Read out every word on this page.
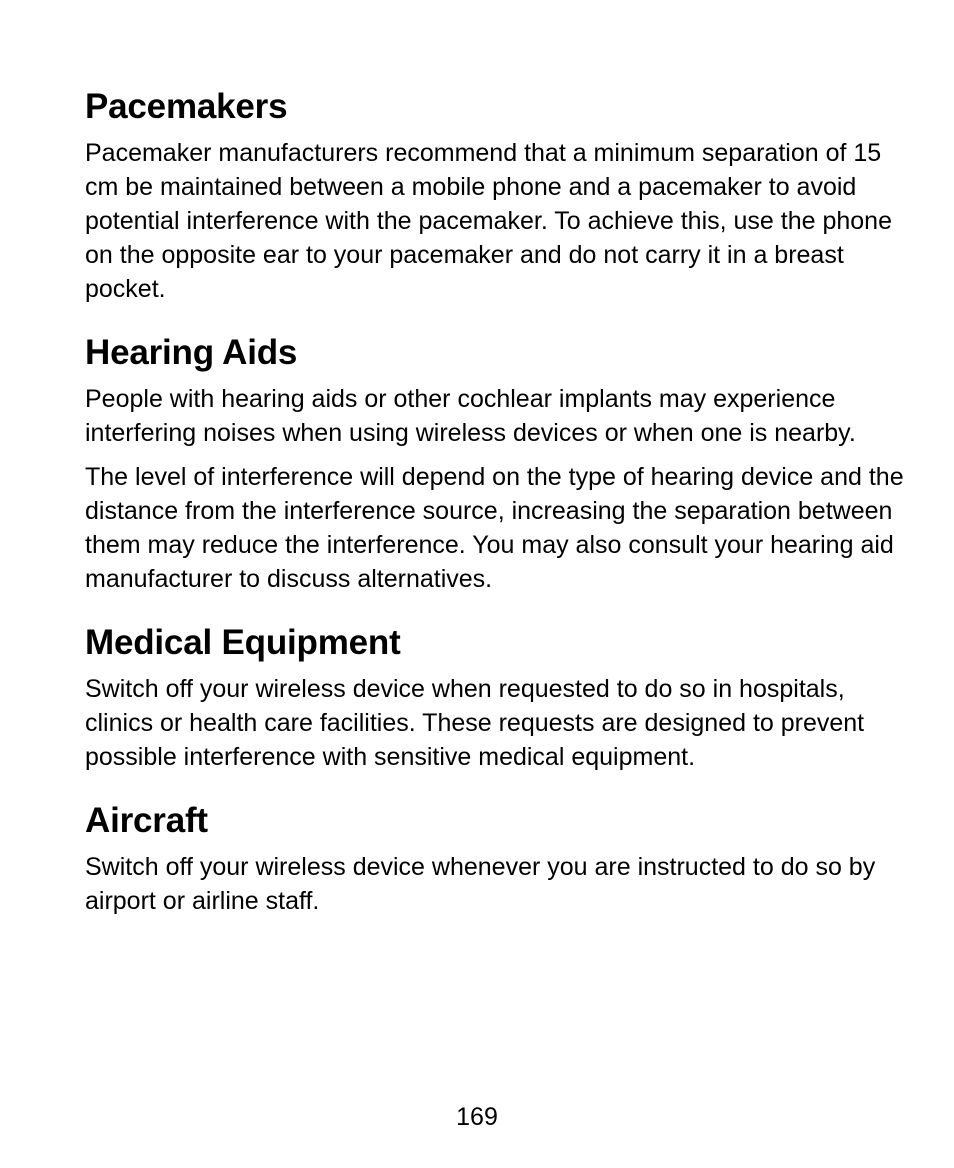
Pacemakers

Pacemaker manufacturers recommend that a minimum separation of 15 cm be maintained between a mobile phone and a pacemaker to avoid potential interference with the pacemaker. To achieve this, use the phone on the opposite ear to your pacemaker and do not carry it in a breast pocket.

Hearing Aids

People with hearing aids or other cochlear implants may experience interfering noises when using wireless devices or when one is nearby.

The level of interference will depend on the type of hearing device and the distance from the interference source, increasing the separation between them may reduce the interference. You may also consult your hearing aid manufacturer to discuss alternatives.

Medical Equipment

Switch off your wireless device when requested to do so in hospitals, clinics or health care facilities. These requests are designed to prevent possible interference with sensitive medical equipment.

Aircraft

Switch off your wireless device whenever you are instructed to do so by airport or airline staff.

169
